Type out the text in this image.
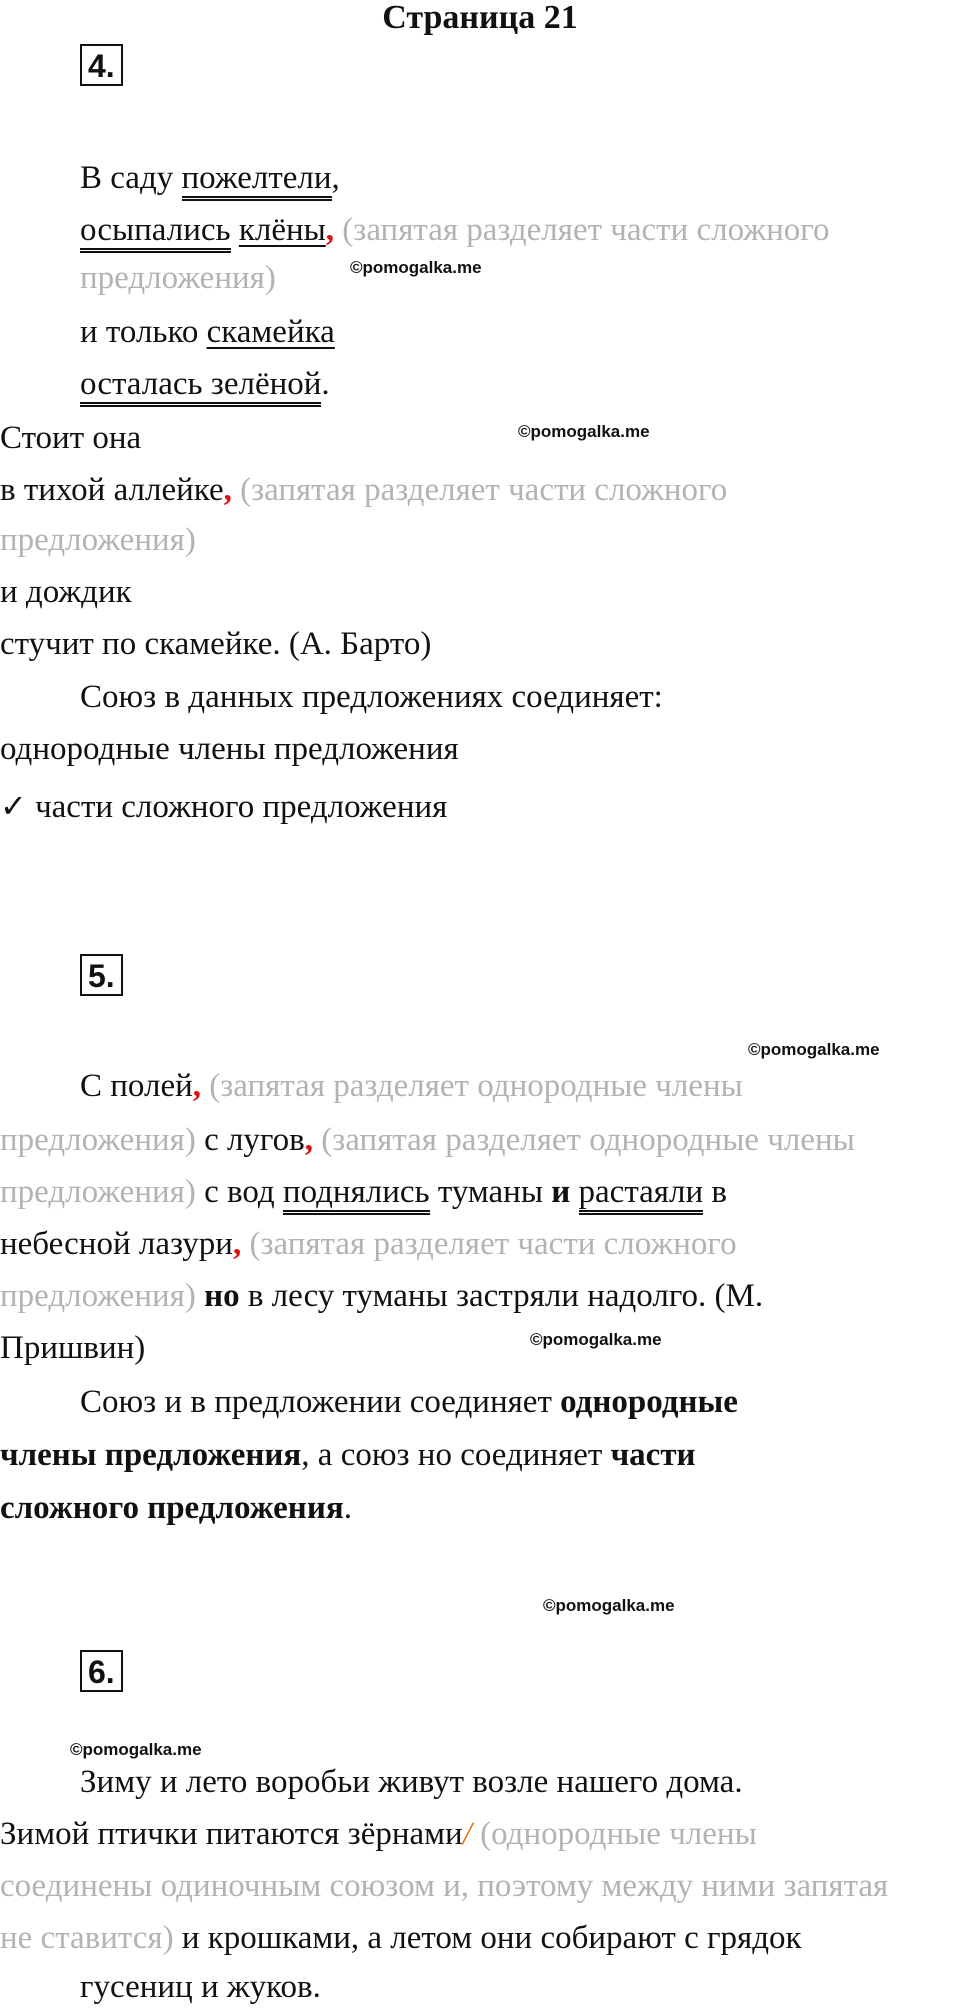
Страница 21
4.
В саду пожелтели,
осыпались клёны, (запятая разделяет части сложного
предложения)	©pomogalka.me
и только скамейка
осталась зелёной.
Стоит она	©pomogalka.me
в тихой аллейке, (запятая разделяет части сложного
предложения)
и дождик
стучит по скамейке. (А. Барто)
Союз в данных предложениях соединяет:
однородные члены предложения
✓ части сложного предложения
5.
©pomogalka.me
С полей, (запятая разделяет однородные члены
предложения) с лугов, (запятая разделяет однородные члены
предложения) с вод поднялись туманы и растаяли в
небесной лазури, (запятая разделяет части сложного
предложения) но в лесу туманы застряли надолго. (М.
Пришвин)	©pomogalka.me
Союз и в предложении соединяет однородные
члены предложения, а союз но соединяет части
сложного предложения.
©pomogalka.me
6.
©pomogalka.me
Зиму и лето воробьи живут возле нашего дома.
Зимой птички питаются зёрнами/ (однородные члены
соединены одиночным союзом и, поэтому между ними запятая
не ставится) и крошками, а летом они собирают с грядок
гусениц и жуков.
